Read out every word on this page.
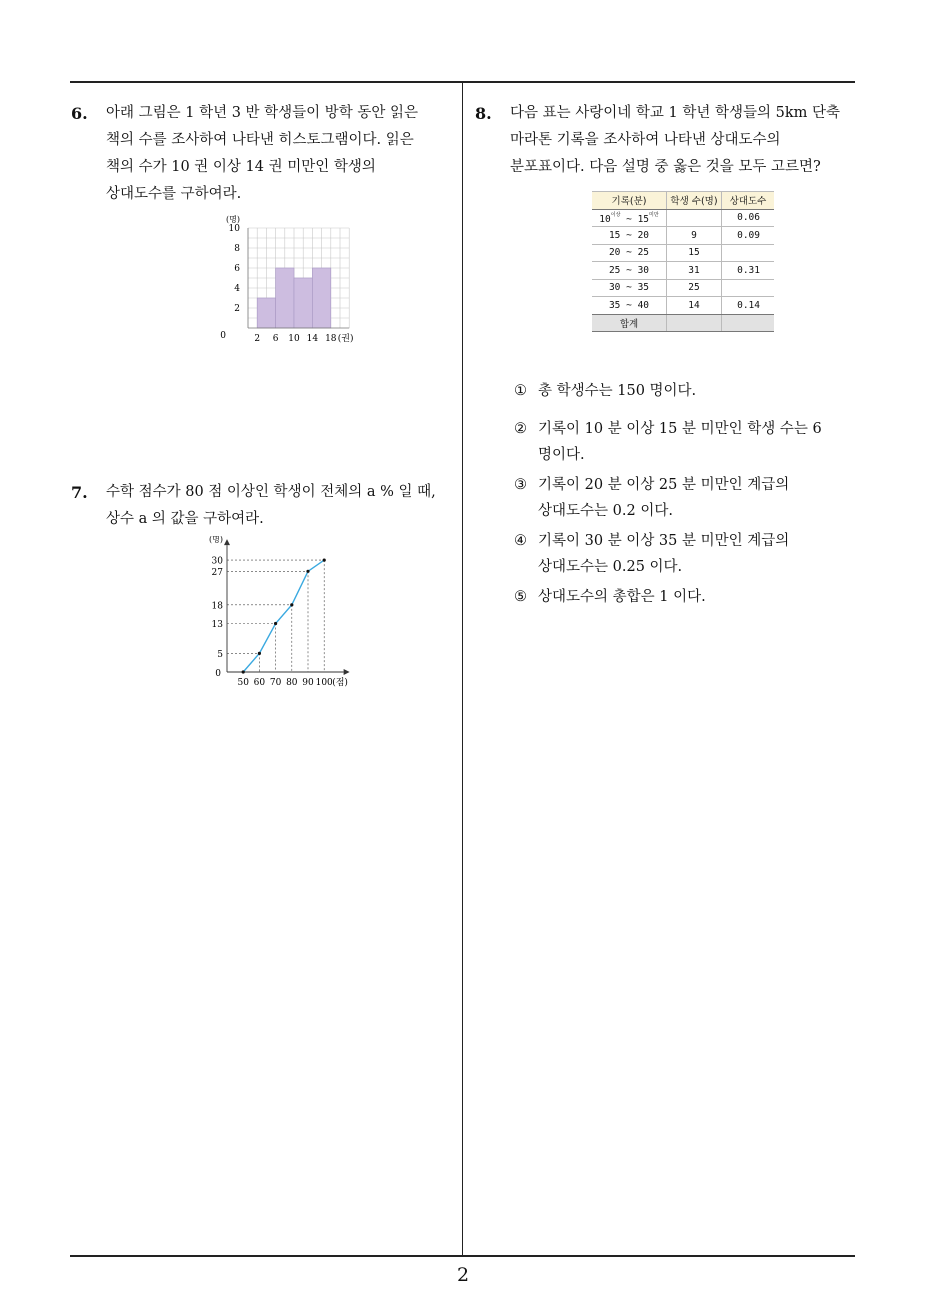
2
6. 아래 그림은 1 학년 3 반 학생들이 방학 동안 읽은
책의 수를 조사하여 나타낸 히스토그램이다. 읽은
책의 수가 10 권 이상 14 권 미만인 학생의
상대도수를 구하여라.
0
2
4
6
8
10
(명)
2 6 10 14 18 (권)
7. 수학 점수가 80 점 이상인 학생이 전체의 a % 일 때,
상수 a 의 값을 구하여라.
0
5
13
18
27
30
(명)
50 60 70 80 90 100 (점)
8. 다음 표는 사랑이네 학교 1 학년 학생들의 5km 단축
마라톤 기록을 조사하여 나타낸 상대도수의
분포표이다. 다음 설명 중 옳은 것을 모두 고르면?
기록(분)	학생 수(명)	상대도수
$10^{이상}$ ~ $15^{미만}$		0.06
15 ~ 20	9	0.09
20 ~ 25	15	
25 ~ 30	31	0.31
30 ~ 35	25	
35 ~ 40	14	0.14
합계		
① 총 학생수는 150 명이다.
② 기록이 10 분 이상 15 분 미만인 학생 수는 6
명이다.
③ 기록이 20 분 이상 25 분 미만인 계급의
상대도수는 0.2 이다.
④ 기록이 30 분 이상 35 분 미만인 계급의
상대도수는 0.25 이다.
⑤ 상대도수의 총합은 1 이다.
